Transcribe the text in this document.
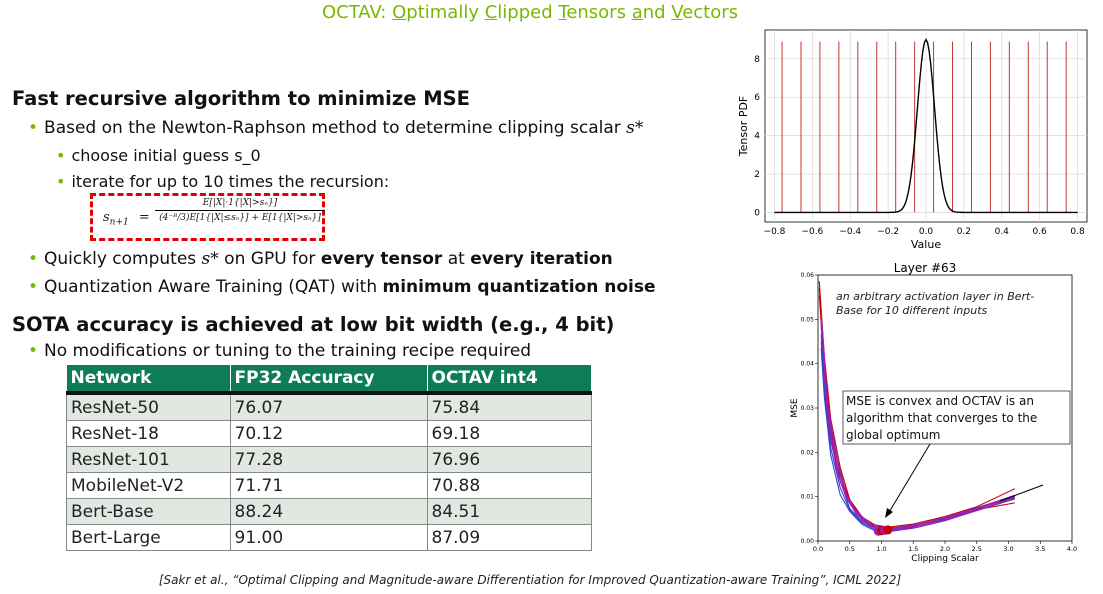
OCTAV: Optimally Clipped Tensors and Vectors
Fast recursive algorithm to minimize MSE
• Based on the Newton-Raphson method to determine clipping scalar s*
• choose initial guess s_0
• iterate for up to 10 times the recursion:
$s_{n+1} = \frac{\text{E[|X|·1\{|X|>sₙ\}]}}{\text{(4⁻ᴮ/3)E[1\{|X|≤sₙ\}] + E[1\{|X|>sₙ\}]}}$
• Quickly computes s* on GPU for every tensor at every iteration
• Quantization Aware Training (QAT) with minimum quantization noise
SOTA accuracy is achieved at low bit width (e.g., 4 bit)
• No modifications or tuning to the training recipe required
Network	FP32 Accuracy	OCTAV int4
ResNet-50	76.07	75.84
ResNet-18	70.12	69.18
ResNet-101	77.28	76.96
MobileNet-V2	71.71	70.88
Bert-Base	88.24	84.51
Bert-Large	91.00	87.09
[Sakr et al., “Optimal Clipping and Magnitude-aware Differentiation for Improved Quantization-aware Training”, ICML 2022]
−0.8 −0.6 −0.4 −0.2 0.0	0.2	0.4	0.6	0.8
0
2
4
6
8
Value
Tensor PDF
Layer #63
0.0	0.5	1.0	1.5	2.0	2.5	3.0	3.5	4.0
0.00
0.01
0.02
0.03
0.04
0.05
0.06
an arbitrary activation layer in Bert-
Base for 10 different inputs
MSE is convex and OCTAV is an
algorithm that converges to the
global optimum
Clipping Scalar
MSE
